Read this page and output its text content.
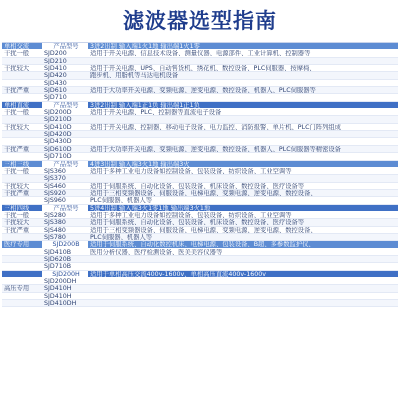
滤波器选型指南
单相交流	产品型号	3进2出制 输入端1火1地 输出端1火1零
干扰一般	SJD200	适用于开关电源、信息技术设备、测量仪器、电源部件、工业计算机、控制器等
SJD210
干扰较大	SJD410	适用于开关电源、UPS、自动售货机、绣花机、数控设备、PLC伺服器、按摩椅、
SJD420	跑步机、用脂机等马达电机设备
SJD430
干扰严重	SJD610	适用于大功率开关电源、变频电源、逆变电源、数控设备、机器人、PLC伺服器等
SJD710
单相直流	产品型号	3进2出制 输入端1正1负 输出端1正1负
干扰一般	SJD200D	适用于开关电源、PLC、控制器等直流电子设备
SJD210D
干扰较大	SJD410D	适用于开关电源、控制器、移动电子设备、电力监控、消防报警、单片机、PLC门阵列组成
SJD420D
SJD430D
干扰严重	SJD610D	适用于大功率开关电源、变频电源、逆变电源、数控设备、机器人、PLC伺服器等精密设备
SJD710D
三相三线	产品型号	4进3出制 输入端3火1地 输出端3火
干扰一般	SJS360	适用于多种工业电力设备如控制设备、包装设备、纺织设备、工业空调等
SJS370
干扰较大	SJS460	适用于伺服系统、自动化设备、包装设备、机床设备、数控设备、医疗设备等
干扰严重	SJS920	适用于三相变频器设备、伺服设备、电梯电源、变频电源、逆变电源、数控设备、
SJS960	PLC伺服器、机器人等
三相四线	产品型号	5进4出制 输入端3火1零1地 输出端3火1地
干扰一般	SJS280	适用于多种工业电力设备如控制设备、包装设备、纺织设备、工业空调等
干扰较大	SJS380	适用于伺服系统、自动化设备、包装设备、机床设备、数控设备、医疗设备等
干扰严重	SJS480	适用于三相变频器设备、伺服设备、电梯电源、变频电源、逆变电源、数控设备、
SJS780	PLC伺服器、机器人等
医疗专用	SJD200B	适用于伺服系统、自动化数控机床、电梯电源、包装设备、B超、多参数监护仪、
SJD410B	医用分析仪器、医疗检测设备、医美美容仪器等
SJD620B
SJD710B
SJD200H	适用于单相高压交流400v-1600v、单相高压直流400v-1600v
SJD200DH
高压专用	SJD410H
SJD410H
SJD410DH
